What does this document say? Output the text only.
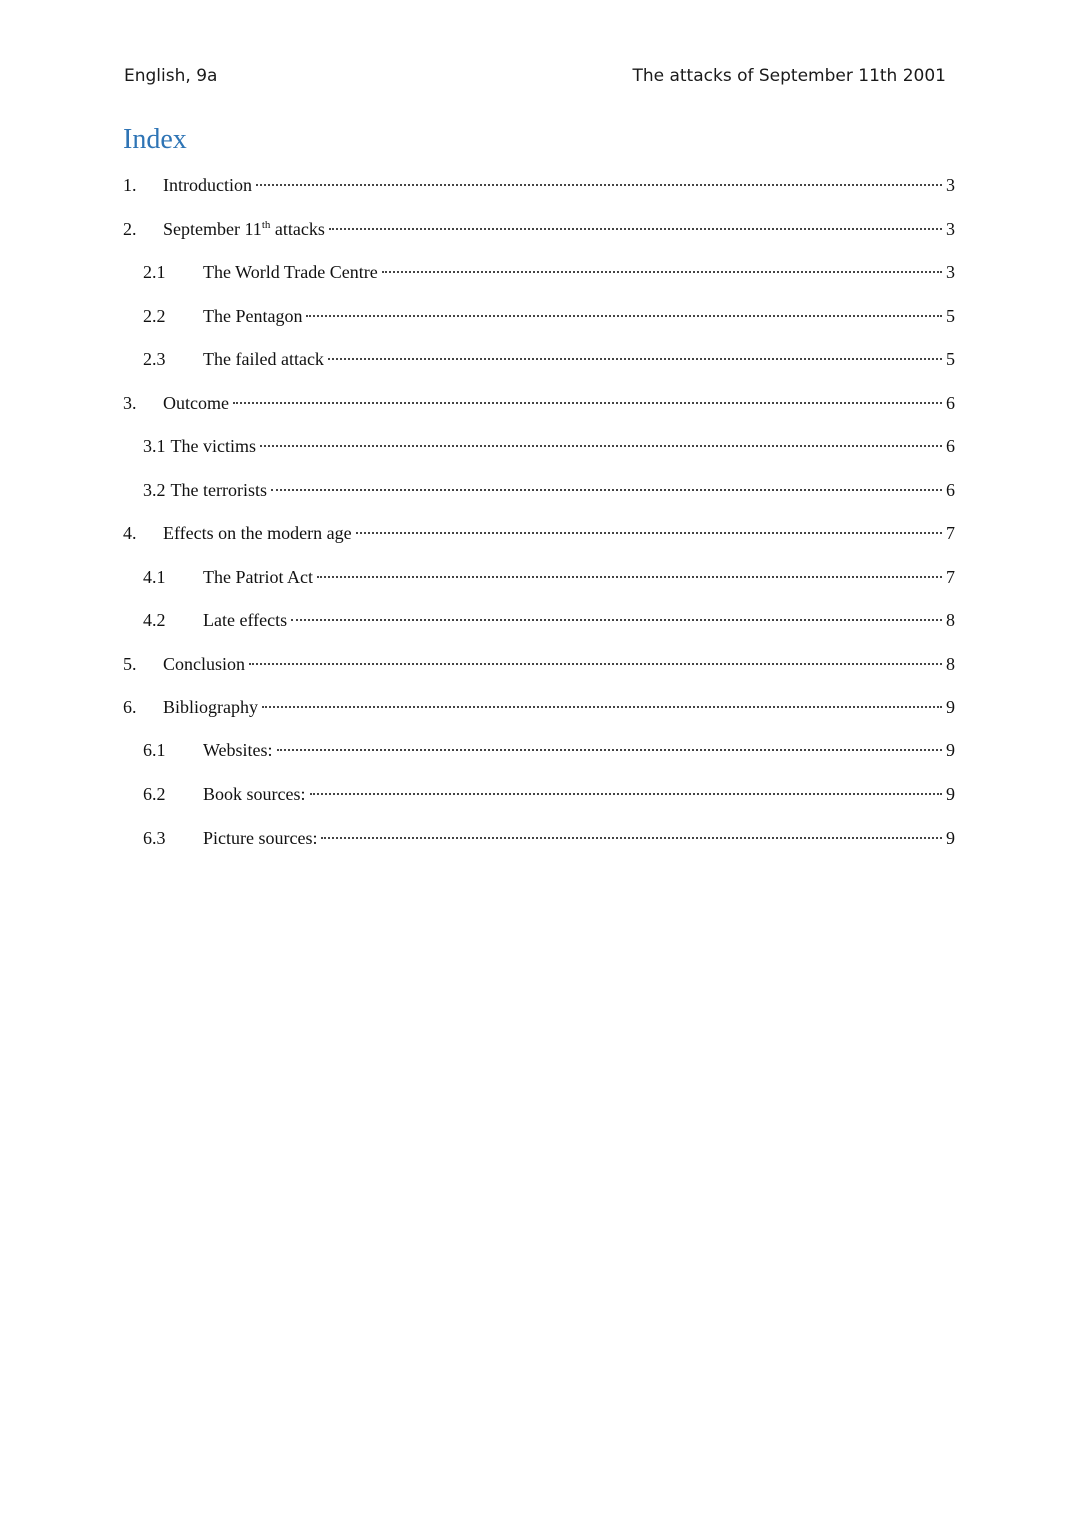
English, 9a	The attacks of September 11th 2001
Index
1.	Introduction	3
2.	September 11th attacks	3
2.1	The World Trade Centre	3
2.2	The Pentagon	5
2.3	The failed attack	5
3.	Outcome	6
3.1 The victims	6
3.2 The terrorists	6
4.	Effects on the modern age	7
4.1	The Patriot Act	7
4.2	Late effects	8
5.	Conclusion	8
6.	Bibliography	9
6.1	Websites:	9
6.2	Book sources:	9
6.3	Picture sources:	9
